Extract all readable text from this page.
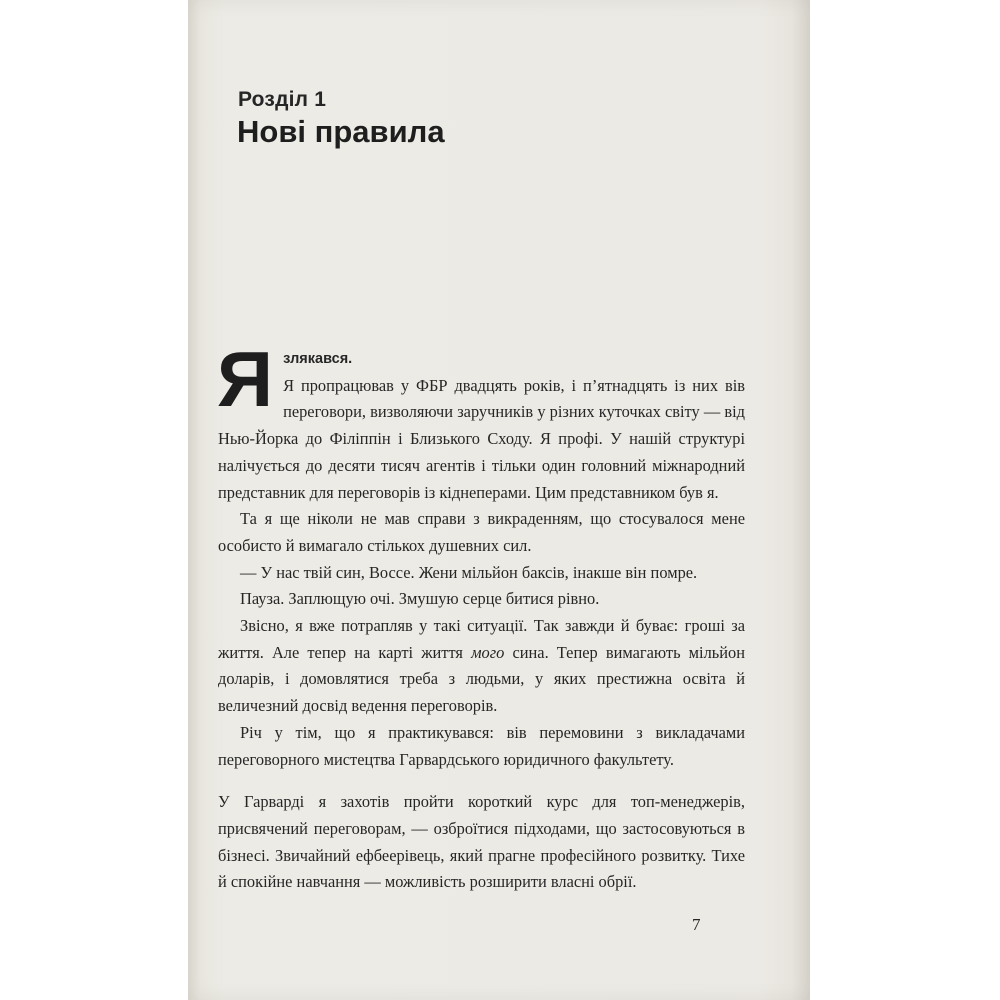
Розділ 1
Нові правила

Язлякався.
Я пропрацював у ФБР двадцять років, і п’ятнадцять із них вів переговори, визволяючи заручників у різних куточках світу — від Нью-Йорка до Філіппін і Близького Сходу. Я профі. У нашій структурі налічується до десяти тисяч агентів і тільки один головний міжнародний представник для переговорів із кіднеперами. Цим представником був я.

Та я ще ніколи не мав справи з викраденням, що стосувалося мене особисто й вимагало стількох душевних сил.

— У нас твій син, Воссе. Жени мільйон баксів, інакше він помре.

Пауза. Заплющую очі. Змушую серце битися рівно.

Звісно, я вже потрапляв у такі ситуації. Так завжди й буває: гроші за життя. Але тепер на карті життя мого сина. Тепер вимагають мільйон доларів, і домовлятися треба з людьми, у яких престижна освіта й величезний досвід ведення переговорів.

Річ у тім, що я практикувався: вів перемовини з викладачами переговорного мистецтва Гарвардського юридичного факультету.

У Гарварді я захотів пройти короткий курс для топ-менеджерів, присвячений переговорам, — озброїтися підходами, що застосовуються в бізнесі. Звичайний ефбеерівець, який прагне професійного розвитку. Тихе й спокійне навчання — можливість розширити власні обрії.

7
